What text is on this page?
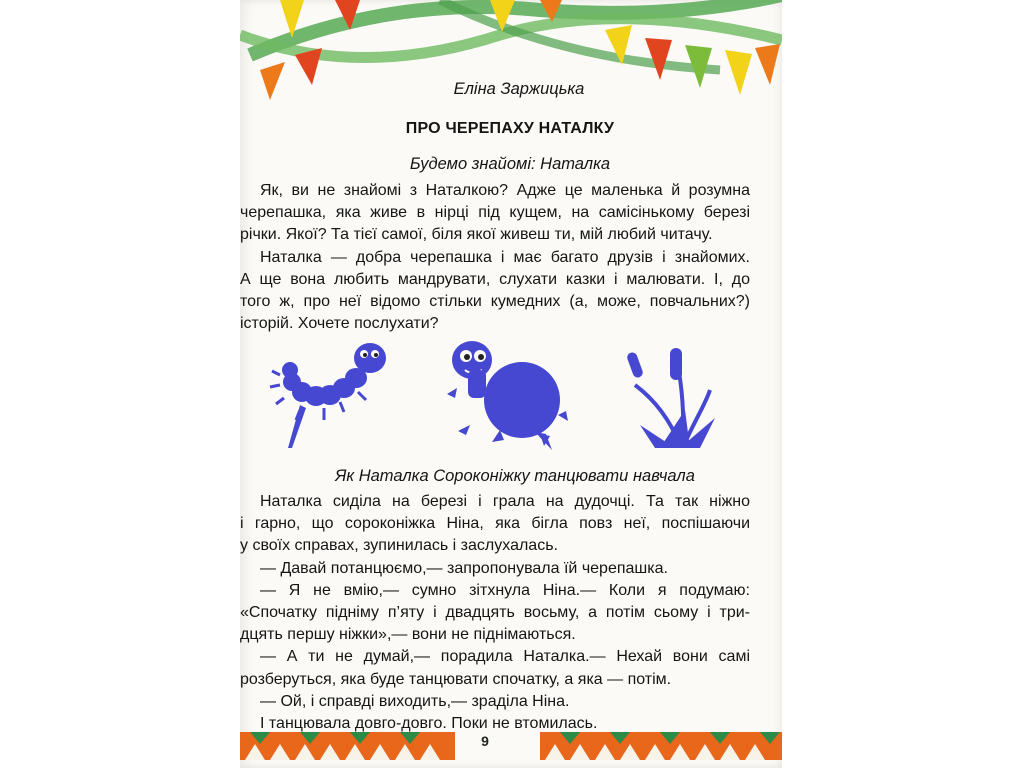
Еліна Заржицька
ПРО ЧЕРЕПАХУ НАТАЛКУ
Будемо знайомі: Наталка
Як, ви не знайомі з Наталкою? Адже це маленька й розумна
черепашка, яка живе в нірці під кущем, на самісінькому березі
річки. Якої? Та тієї самої, біля якої живеш ти, мій любий читачу.
Наталка — добра черепашка і має багато друзів і знайомих.
А ще вона любить мандрувати, слухати казки і малювати. І, до
того ж, про неї відомо стільки кумедних (а, може, повчальних?)
історій. Хочете послухати?
Як Наталка Сороконіжку танцювати навчала
Наталка сиділа на березі і грала на дудочці. Та так ніжно
і гарно, що сороконіжка Ніна, яка бігла повз неї, поспішаючи
у своїх справах, зупинилась і заслухалась.
— Давай потанцюємо,— запропонувала їй черепашка.
— Я не вмію,— сумно зітхнула Ніна.— Коли я подумаю:
«Спочатку підніму п’яту і двадцять восьму, а потім сьому і три-
дцять першу ніжки»,— вони не піднімаються.
— А ти не думай,— порадила Наталка.— Нехай вони самі
розберуться, яка буде танцювати спочатку, а яка — потім.
— Ой, і справді виходить,— зраділа Ніна.
І танцювала довго-довго. Поки не втомилась.
9
